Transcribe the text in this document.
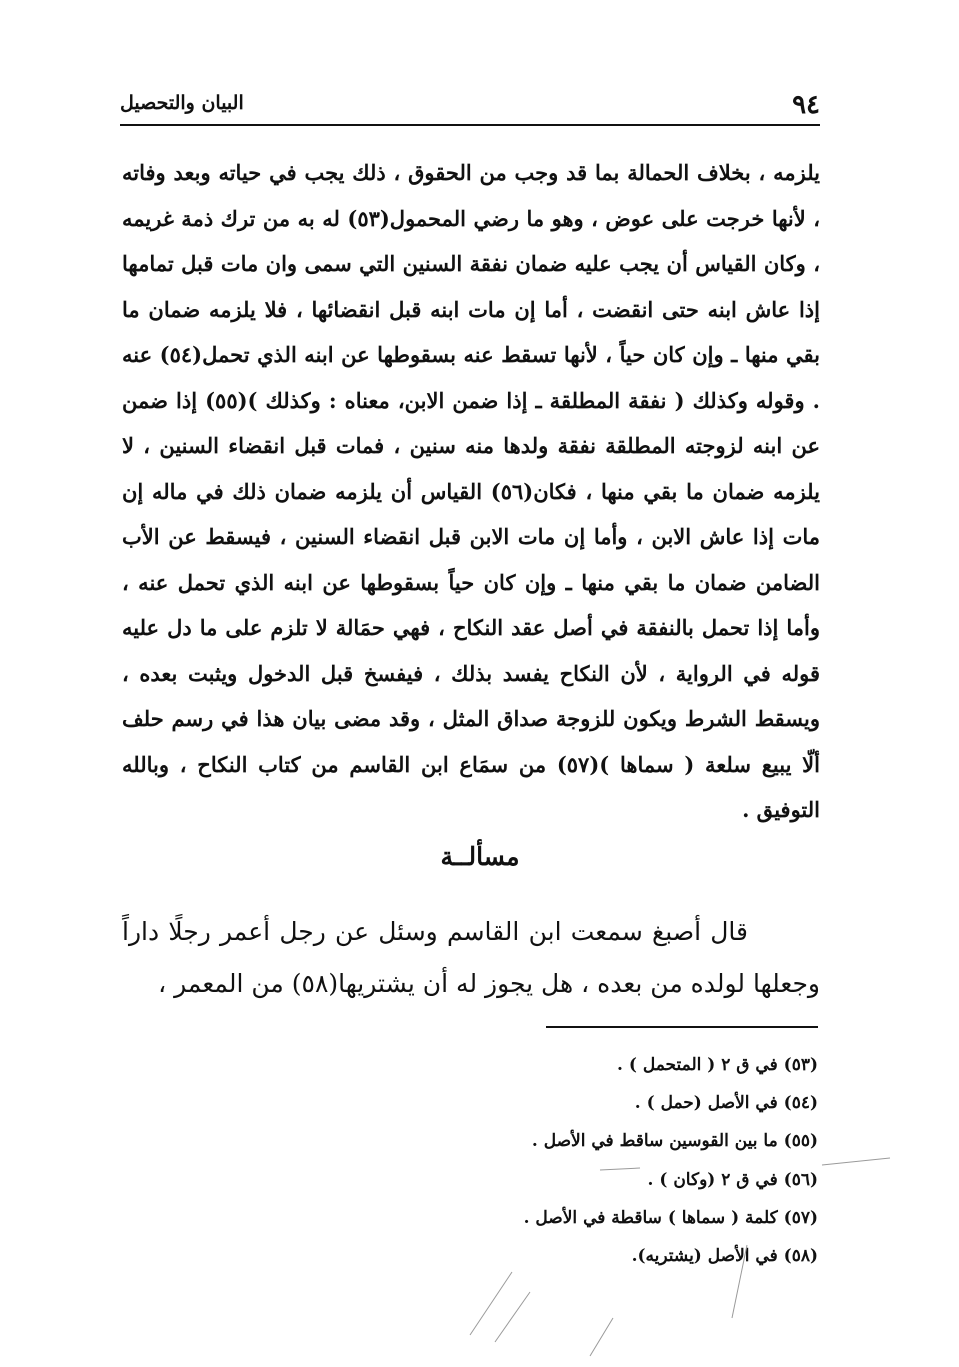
٩٤
البيان والتحصيل

يلزمه ، بخلاف الحمالة بما قد وجب من الحقوق ، ذلك يجب في حياته وبعد وفاته ، لأنها خرجت على عوض ، وهو ما رضي المحمول(٥٣) له به من ترك ذمة غريمه ، وكان القياس أن يجب عليه ضمان نفقة السنين التي سمى وان مات قبل تمامها إذا عاش ابنه حتى انقضت ، أما إن مات ابنه قبل انقضائها ، فلا يلزمه ضمان ما بقي منها ـ وإن كان حياً ، لأنها تسقط عنه بسقوطها عن ابنه الذي تحمل(٥٤) عنه . وقوله وكذلك ( نفقة المطلقة ـ إذا ضمن الابن، معناه : وكذلك )(٥٥) إذا ضمن عن ابنه لزوجته المطلقة نفقة ولدها منه سنين ، فمات قبل انقضاء السنين ، لا يلزمه ضمان ما بقي منها ، فكان(٥٦) القياس أن يلزمه ضمان ذلك في ماله إن مات إذا عاش الابن ، وأما إن مات الابن قبل انقضاء السنين ، فيسقط عن الأب الضامن ضمان ما بقي منها ـ وإن كان حياً بسقوطها عن ابنه الذي تحمل عنه ، وأما إذا تحمل بالنفقة في أصل عقد النكاح ، فهي حمَالة لا تلزم على ما دل عليه قوله في الرواية ، لأن النكاح يفسد بذلك ، فيفسخ قبل الدخول ويثبت بعده ، ويسقط الشرط ويكون للزوجة صداق المثل ، وقد مضى بيان هذا في رسم حلف ألّا يبيع سلعة ( سماها )(٥٧) من سمَاع ابن القاسم من كتاب النكاح ، وبالله التوفيق .

مسألــة

قال أصبغ سمعت ابن القاسم وسئل عن رجل أعمر رجلًا داراً وجعلها لولده من بعده ، هل يجوز له أن يشتريها(٥٨) من المعمر ،

(٥٣) في ق ٢ ( المتحمل ) .
(٥٤) في الأصل (حمل ) .
(٥٥) ما بين القوسين ساقط في الأصل .
(٥٦) في ق ٢ (وكان ) .
(٥٧) كلمة ( سماها ) ساقطة في الأصل .
(٥٨) في الأصل (يشتريه).
